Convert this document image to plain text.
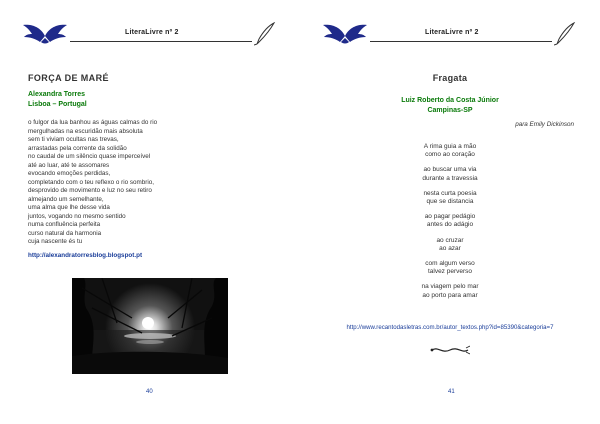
LiteraLivre nº 2
FORÇA DE MARÉ
Alexandra Torres
Lisboa – Portugal
o fulgor da lua banhou as águas calmas do rio
mergulhadas na escuridão mais absoluta
sem ti viviam ocultas nas trevas,
arrastadas pela corrente da solidão
no caudal de um silêncio quase imperceível
até ao luar, até te assomares
evocando emoções perdidas,
completando com o teu reflexo o rio sombrio,
desprovido de movimento e luz no seu retiro
almejando um semelhante,
uma alma que lhe desse vida
juntos, vogando no mesmo sentido
numa confluência perfeita
curso natural da harmonia
cuja nascente és tu
http://alexandratorresblog.blogspot.pt
40
LiteraLivre nº 2
Fragata
Luiz Roberto da Costa Júnior
Campinas-SP
para Emily Dickinson
A rima guia a mão
como ao coração
ao buscar uma via
durante a travessia
nesta curta poesia
que se distancia
ao pagar pedágio
antes do adágio
ao cruzar
ao azar
com algum verso
talvez perverso
na viagem pelo mar
ao porto para amar
http://www.recantodasletras.com.br/autor_textos.php?id=85390&categoria=7
41
